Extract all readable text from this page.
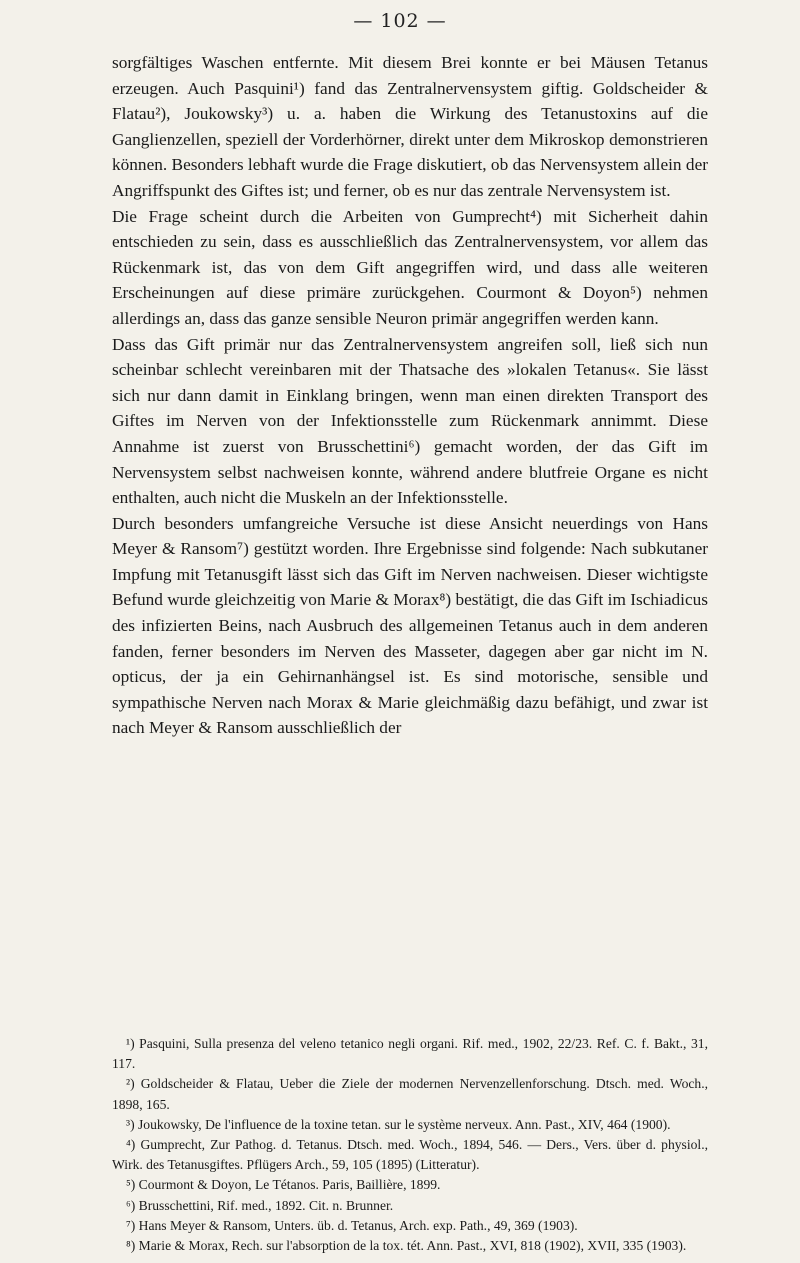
— 102 —

sorgfältiges Waschen entfernte. Mit diesem Brei konnte er bei Mäusen Tetanus erzeugen. Auch Pasquini¹) fand das Zentralnervensystem giftig. Goldscheider & Flatau²), Joukowsky³) u. a. haben die Wirkung des Tetanustoxins auf die Ganglienzellen, speziell der Vorderhörner, direkt unter dem Mikroskop demonstrieren können. Besonders lebhaft wurde die Frage diskutiert, ob das Nervensystem allein der Angriffspunkt des Giftes ist; und ferner, ob es nur das zentrale Nervensystem ist.

Die Frage scheint durch die Arbeiten von Gumprecht⁴) mit Sicherheit dahin entschieden zu sein, dass es ausschließlich das Zentralnervensystem, vor allem das Rückenmark ist, das von dem Gift angegriffen wird, und dass alle weiteren Erscheinungen auf diese primäre zurückgehen. Courmont & Doyon⁵) nehmen allerdings an, dass das ganze sensible Neuron primär angegriffen werden kann.

Dass das Gift primär nur das Zentralnervensystem angreifen soll, ließ sich nun scheinbar schlecht vereinbaren mit der Thatsache des »lokalen Tetanus«. Sie lässt sich nur dann damit in Einklang bringen, wenn man einen direkten Transport des Giftes im Nerven von der Infektionsstelle zum Rückenmark annimmt. Diese Annahme ist zuerst von Brusschettini⁶) gemacht worden, der das Gift im Nervensystem selbst nachweisen konnte, während andere blutfreie Organe es nicht enthalten, auch nicht die Muskeln an der Infektionsstelle.

Durch besonders umfangreiche Versuche ist diese Ansicht neuerdings von Hans Meyer & Ransom⁷) gestützt worden. Ihre Ergebnisse sind folgende: Nach subkutaner Impfung mit Tetanusgift lässt sich das Gift im Nerven nachweisen. Dieser wichtigste Befund wurde gleichzeitig von Marie & Morax⁸) bestätigt, die das Gift im Ischiadicus des infizierten Beins, nach Ausbruch des allgemeinen Tetanus auch in dem anderen fanden, ferner besonders im Nerven des Masseter, dagegen aber gar nicht im N. opticus, der ja ein Gehirnanhängsel ist. Es sind motorische, sensible und sympathische Nerven nach Morax & Marie gleichmäßig dazu befähigt, und zwar ist nach Meyer & Ransom ausschließlich der

¹) Pasquini, Sulla presenza del veleno tetanico negli organi. Rif. med., 1902, 22/23. Ref. C. f. Bakt., 31, 117.

²) Goldscheider & Flatau, Ueber die Ziele der modernen Nervenzellenforschung. Dtsch. med. Woch., 1898, 165.

³) Joukowsky, De l'influence de la toxine tetan. sur le système nerveux. Ann. Past., XIV, 464 (1900).

⁴) Gumprecht, Zur Pathog. d. Tetanus. Dtsch. med. Woch., 1894, 546. — Ders., Vers. über d. physiol., Wirk. des Tetanusgiftes. Pflügers Arch., 59, 105 (1895) (Litteratur).

⁵) Courmont & Doyon, Le Tétanos. Paris, Baillière, 1899.

⁶) Brusschettini, Rif. med., 1892. Cit. n. Brunner.

⁷) Hans Meyer & Ransom, Unters. üb. d. Tetanus, Arch. exp. Path., 49, 369 (1903).

⁸) Marie & Morax, Rech. sur l'absorption de la tox. tét. Ann. Past., XVI, 818 (1902), XVII, 335 (1903).
